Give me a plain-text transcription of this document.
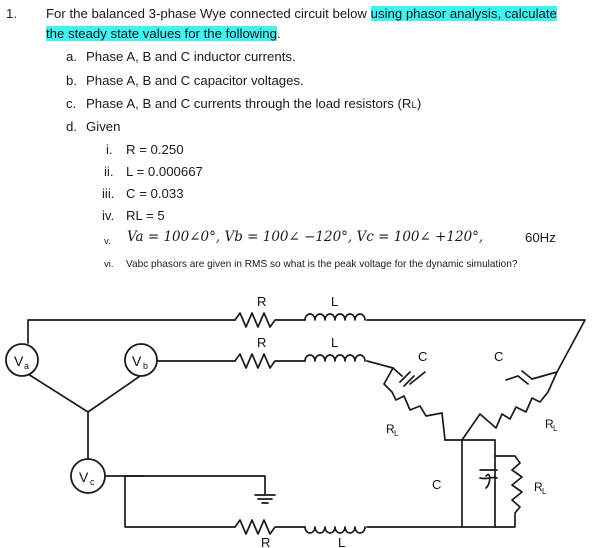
1. For the balanced 3-phase Wye connected circuit below using phasor analysis, calculate
the steady state values for the following.
a. Phase A, B and C inductor currents.
b. Phase A, B and C capacitor voltages.
c. Phase A, B and C currents through the load resistors (RL)
d. Given
i. R = 0.250
ii. L = 0.000667
iii. C = 0.033
iv. RL = 5
v. Va = 100∠0°, Vb = 100∠ −120°, Vc = 100∠ +120°,	60Hz
vi. Vabc phasors are given in RMS so what is the peak voltage for the dynamic simulation?
V a	V b
V c
R	L
R	L
R	L
C	C
C
R L
R L
R L
